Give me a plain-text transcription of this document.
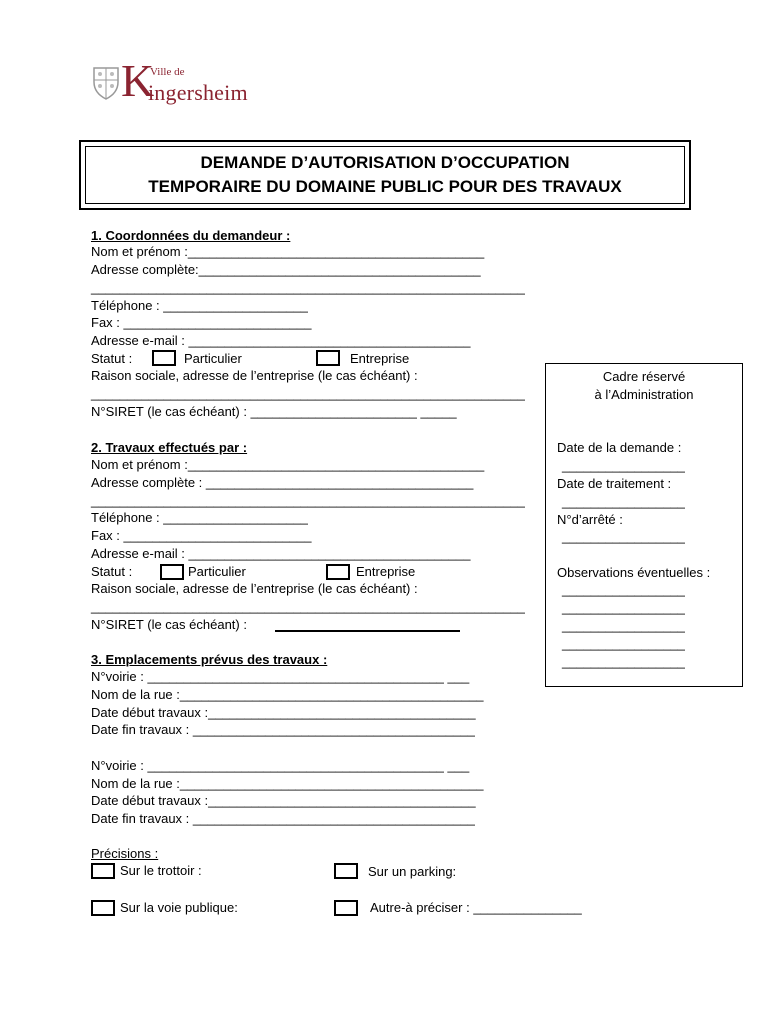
K
Ville de
ingersheim
DEMANDE D’AUTORISATION D’OCCUPATION
TEMPORAIRE DU DOMAINE PUBLIC POUR DES TRAVAUX
1. Coordonnées du demandeur :
Nom et prénom :_________________________________________
Adresse complète:_______________________________________
____________________________________________________________
Téléphone : ____________________
Fax : __________________________
Adresse e-mail : _______________________________________
Statut :	Particulier	Entreprise
Raison sociale, adresse de l’entreprise (le cas échéant) :
____________________________________________________________
N°SIRET (le cas échéant) : _______________________ _____
2. Travaux effectués par :
Nom et prénom :_________________________________________
Adresse complète : _____________________________________
____________________________________________________________
Téléphone : ____________________
Fax : __________________________
Adresse e-mail : _______________________________________
Statut :	Particulier	Entreprise
Raison sociale, adresse de l’entreprise (le cas échéant) :
____________________________________________________________
N°SIRET (le cas échéant) :
3. Emplacements prévus des travaux :
N°voirie : _________________________________________ ___
Nom de la rue :__________________________________________
Date début travaux :_____________________________________
Date fin travaux : _______________________________________
N°voirie : _________________________________________ ___
Nom de la rue :__________________________________________
Date début travaux :_____________________________________
Date fin travaux : _______________________________________
Précisions :
Sur le trottoir :	Sur un parking:
Sur la voie publique:	Autre-à préciser : _______________
Cadre réservé
à l’Administration
Date de la demande :
_________________
Date de traitement :
_________________
N°d’arrêté :
_________________
Observations éventuelles :
_________________
_________________
_________________
_________________
_________________
